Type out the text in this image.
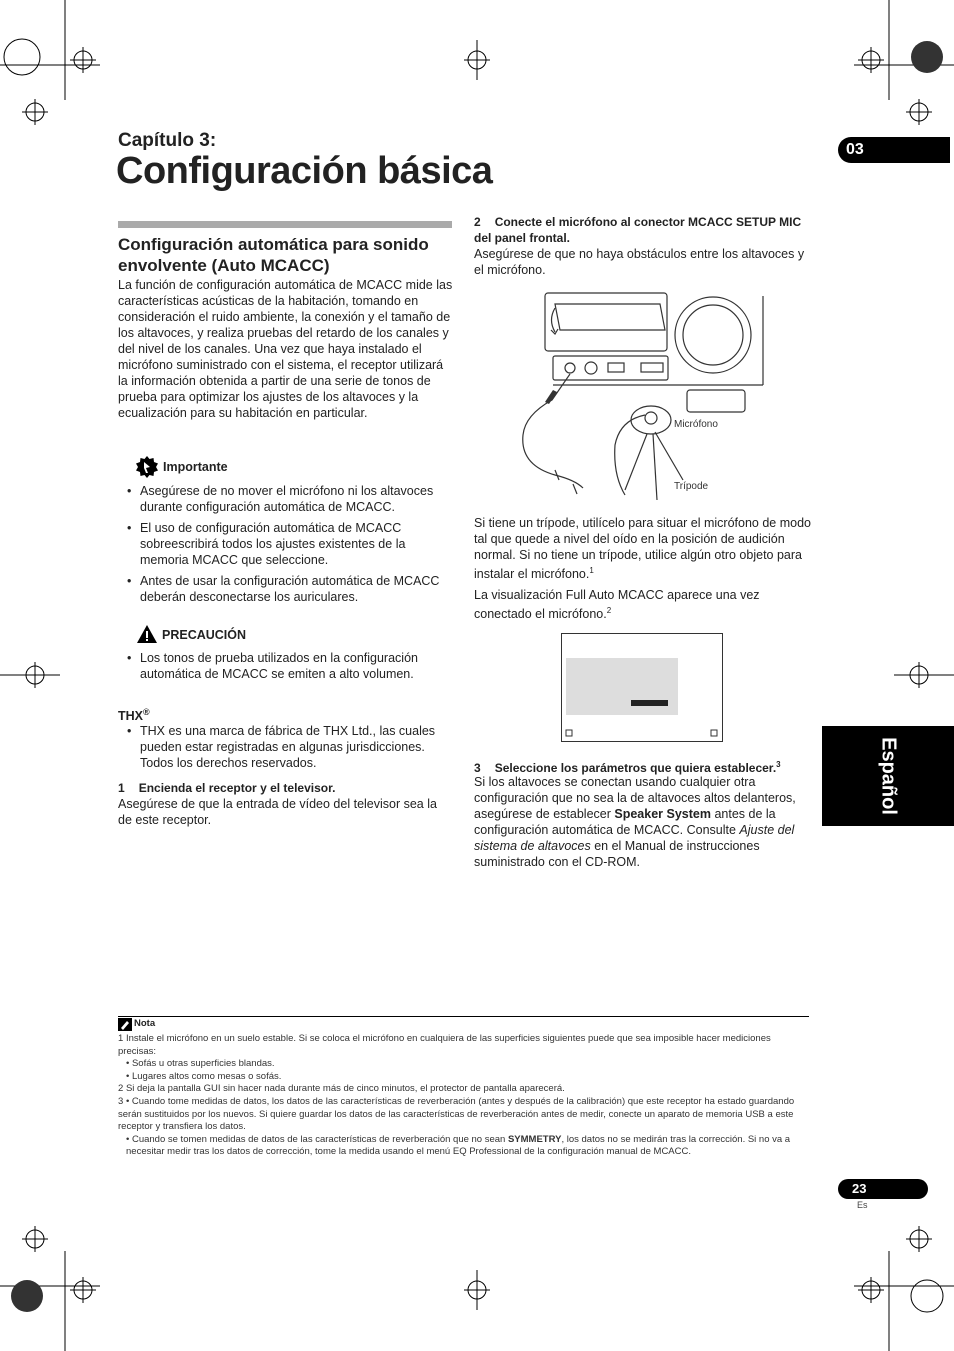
Capítulo 3:
Configuración básica
03
Español
Configuración automática para sonido envolvente (Auto MCACC)
La función de configuración automática de MCACC mide las características acústicas de la habitación, tomando en consideración el ruido ambiente, la conexión y el tamaño de los altavoces, y realiza pruebas del retardo de los canales y del nivel de los canales. Una vez que haya instalado el micrófono suministrado con el sistema, el receptor utilizará la información obtenida a partir de una serie de tonos de prueba para optimizar los ajustes de los altavoces y la ecualización para su habitación en particular.
Importante
• Asegúrese de no mover el micrófono ni los altavoces durante configuración automática de MCACC.
• El uso de configuración automática de MCACC sobreescribirá todos los ajustes existentes de la memoria MCACC que seleccione.
• Antes de usar la configuración automática de MCACC deberán desconectarse los auriculares.
PRECAUCIÓN
• Los tonos de prueba utilizados en la configuración automática de MCACC se emiten a alto volumen.
THX®
• THX es una marca de fábrica de THX Ltd., las cuales pueden estar registradas en algunas jurisdicciones. Todos los derechos reservados.
1 Encienda el receptor y el televisor.
Asegúrese de que la entrada de vídeo del televisor sea la de este receptor.
2 Conecte el micrófono al conector MCACC SETUP MIC del panel frontal.
Asegúrese de que no haya obstáculos entre los altavoces y el micrófono.
Micrófono
Trípode
Si tiene un trípode, utilícelo para situar el micrófono de modo tal que quede a nivel del oído en la posición de audición normal. Si no tiene un trípode, utilice algún otro objeto para instalar el micrófono.$^1$
La visualización Full Auto MCACC aparece una vez conectado el micrófono.$^2$
3 Seleccione los parámetros que quiera establecer.$^3$
Si los altavoces se conectan usando cualquier otra configuración que no sea la de altavoces altos delanteros, asegúrese de establecer Speaker System antes de la configuración automática de MCACC. Consulte Ajuste del sistema de altavoces en el Manual de instrucciones suministrado con el CD-ROM.
Nota
1 Instale el micrófono en un suelo estable. Si se coloca el micrófono en cualquiera de las superficies siguientes puede que sea imposible hacer mediciones precisas:
• Sofás u otras superficies blandas.
• Lugares altos como mesas o sofás.
2 Si deja la pantalla GUI sin hacer nada durante más de cinco minutos, el protector de pantalla aparecerá.
3 • Cuando tome medidas de datos, los datos de las características de reverberación (antes y después de la calibración) que este receptor ha estado guardando serán sustituidos por los nuevos. Si quiere guardar los datos de las características de reverberación antes de medir, conecte un aparato de memoria USB a este receptor y transfiera los datos.
• Cuando se tomen medidas de datos de las características de reverberación que no sean SYMMETRY, los datos no se medirán tras la corrección. Si no va a necesitar medir tras los datos de corrección, tome la medida usando el menú EQ Professional de la configuración manual de MCACC.
23
Es
